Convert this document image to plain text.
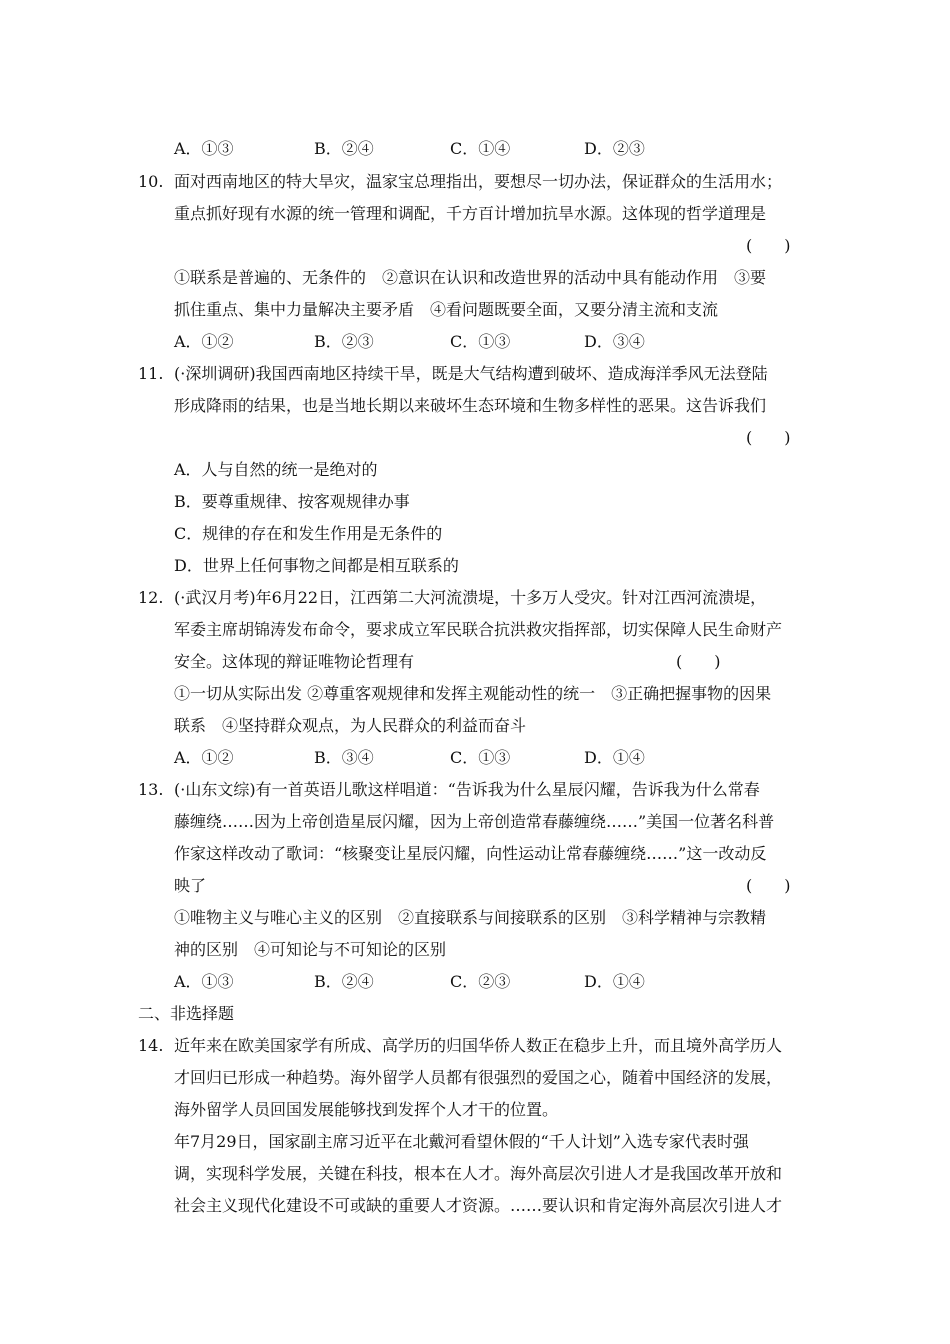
A．①③	B．②④	C．①④	D．②③
10. 面对西南地区的特大旱灾，温家宝总理指出，要想尽一切办法，保证群众的生活用水；
重点抓好现有水源的统一管理和调配，千方百计增加抗旱水源。这体现的哲学道理是
(　　)
①联系是普遍的、无条件的　②意识在认识和改造世界的活动中具有能动作用　③要
抓住重点、集中力量解决主要矛盾　④看问题既要全面，又要分清主流和支流
A．①②	B．②③	C．①③	D．③④
11. (·深圳调研)我国西南地区持续干旱，既是大气结构遭到破坏、造成海洋季风无法登陆
形成降雨的结果，也是当地长期以来破坏生态环境和生物多样性的恶果。这告诉我们
(　　)
A．人与自然的统一是绝对的
B．要尊重规律、按客观规律办事
C．规律的存在和发生作用是无条件的
D．世界上任何事物之间都是相互联系的
12. (·武汉月考)年6月22日，江西第二大河流溃堤，十多万人受灾。针对江西河流溃堤，
军委主席胡锦涛发布命令，要求成立军民联合抗洪救灾指挥部，切实保障人民生命财产
安全。这体现的辩证唯物论哲理有	(　　)
①一切从实际出发 ②尊重客观规律和发挥主观能动性的统一　③正确把握事物的因果
联系　④坚持群众观点，为人民群众的利益而奋斗
A．①②	B．③④	C．①③	D．①④
13. (·山东文综)有一首英语儿歌这样唱道：“告诉我为什么星辰闪耀，告诉我为什么常春
藤缠绕……因为上帝创造星辰闪耀，因为上帝创造常春藤缠绕……”美国一位著名科普
作家这样改动了歌词：“核聚变让星辰闪耀，向性运动让常春藤缠绕……”这一改动反
映了	(　　)
①唯物主义与唯心主义的区别　②直接联系与间接联系的区别　③科学精神与宗教精
神的区别　④可知论与不可知论的区别
A．①③	B．②④	C．②③	D．①④
二、非选择题
14. 近年来在欧美国家学有所成、高学历的归国华侨人数正在稳步上升，而且境外高学历人
才回归已形成一种趋势。海外留学人员都有很强烈的爱国之心，随着中国经济的发展，
海外留学人员回国发展能够找到发挥个人才干的位置。
年7月29日，国家副主席习近平在北戴河看望休假的“千人计划”入选专家代表时强
调，实现科学发展，关键在科技，根本在人才。海外高层次引进人才是我国改革开放和
社会主义现代化建设不可或缺的重要人才资源。……要认识和肯定海外高层次引进人才
